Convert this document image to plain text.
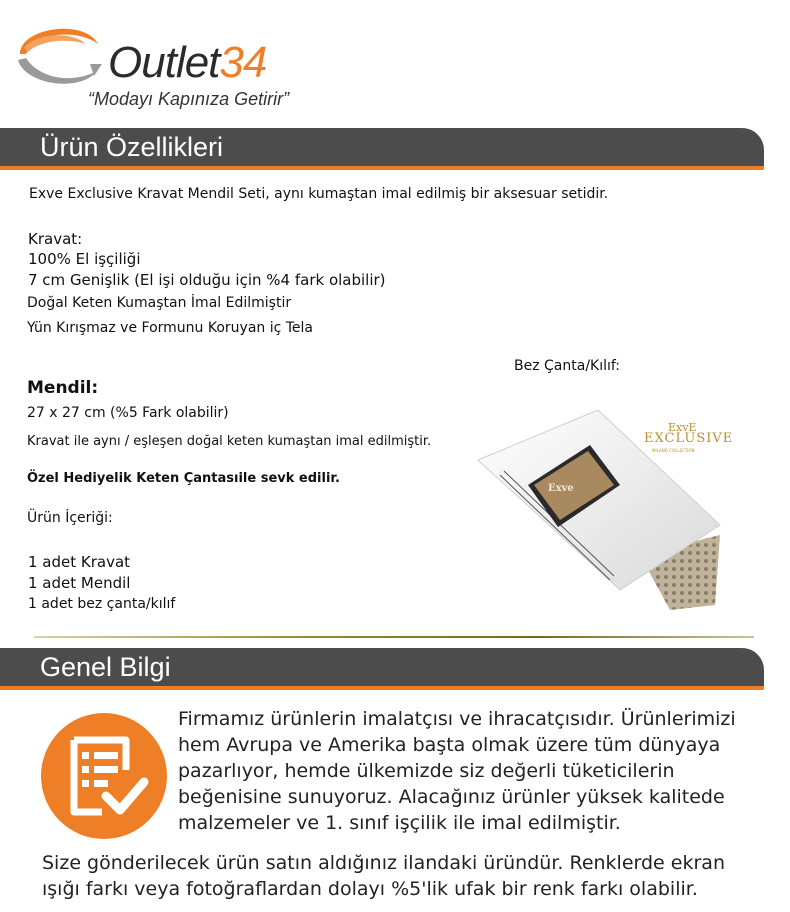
Outlet34
“Modayı Kapınıza Getirir”
Ürün Özellikleri
Exve Exclusive Kravat Mendil Seti, aynı kumaştan imal edilmiş bir aksesuar setidir.
Kravat:
100% El işçiliği
7 cm Genişlik (El işi olduğu için %4 fark olabilir)
Doğal Keten Kumaştan İmal Edilmiştir
Yün Kırışmaz ve Formunu Koruyan iç Tela
Mendil:
27 x 27 cm (%5 Fark olabilir)
Kravat ile aynı / eşleşen doğal keten kumaştan imal edilmiştir.
Özel Hediyelik Keten Çantasıile sevk edilir.
Ürün İçeriği:
1 adet Kravat
1 adet Mendil
1 adet bez çanta/kılıf
Bez Çanta/Kılıf:
Exve
ExvE
EXCLUSIVE
MILANO COLLECTION
Genel Bilgi
Firmamız ürünlerin imalatçısı ve ihracatçısıdır. Ürünlerimizi
hem Avrupa ve Amerika başta olmak üzere tüm dünyaya
pazarlıyor, hemde ülkemizde siz değerli tüketicilerin
beğenisine sunuyoruz. Alacağınız ürünler yüksek kalitede
malzemeler ve 1. sınıf işçilik ile imal edilmiştir.
Size gönderilecek ürün satın aldığınız ilandaki üründür. Renklerde ekran
ışığı farkı veya fotoğraflardan dolayı %5'lik ufak bir renk farkı olabilir.
